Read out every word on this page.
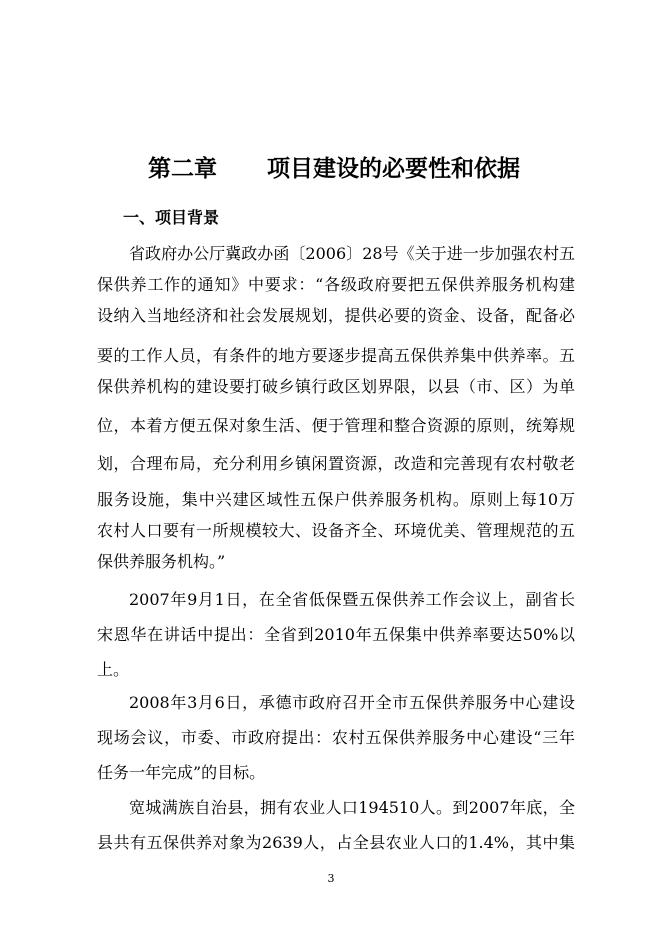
第二章 项目建设的必要性和依据
一、项目背景

省政府办公厅冀政办函〔2006〕28号《关于进一步加强农村五

保供养工作的通知》中要求：“各级政府要把五保供养服务机构建

设纳入当地经济和社会发展规划，提供必要的资金、设备，配备必

要的工作人员，有条件的地方要逐步提高五保供养集中供养率。五

保供养机构的建设要打破乡镇行政区划界限，以县（市、区）为单

位，本着方便五保对象生活、便于管理和整合资源的原则，统筹规

划，合理布局，充分利用乡镇闲置资源，改造和完善现有农村敬老

服务设施，集中兴建区域性五保户供养服务机构。原则上每10万

农村人口要有一所规模较大、设备齐全、环境优美、管理规范的五

保供养服务机构。”

2007年9月1日，在全省低保暨五保供养工作会议上，副省长

宋恩华在讲话中提出：全省到2010年五保集中供养率要达50%以

上。

2008年3月6日，承德市政府召开全市五保供养服务中心建设

现场会议，市委、市政府提出：农村五保供养服务中心建设“三年

任务一年完成”的目标。

宽城满族自治县，拥有农业人口194510人。到2007年底，全

县共有五保供养对象为2639人，占全县农业人口的1.4%，其中集

3
